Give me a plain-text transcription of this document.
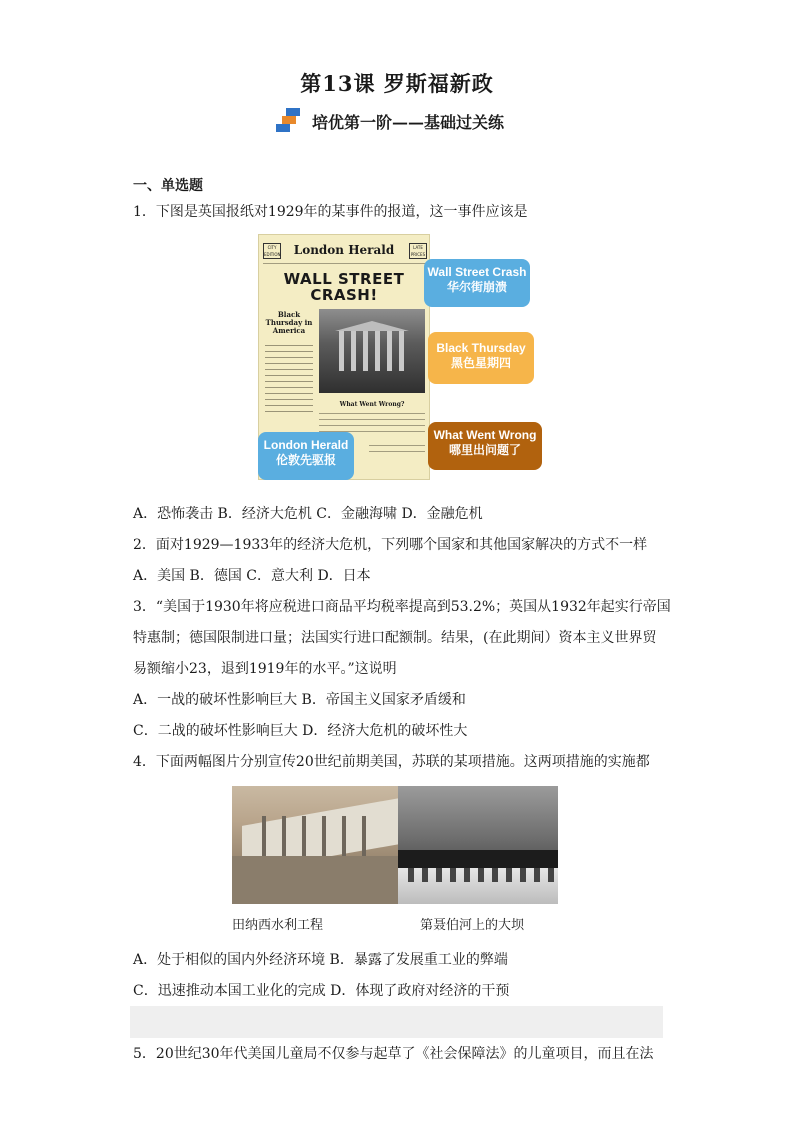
第13课 罗斯福新政
培优第一阶——基础过关练
一、单选题
1．下图是英国报纸对1929年的某事件的报道，这一事件应该是
CITY EDITION	London Herald	LATE PRICES
WALL STREET CRASH!
Black Thursday in America
What Went Wrong?
Wall Street Crash
华尔街崩溃
Black Thursday
黑色星期四
What Went Wrong
哪里出问题了
London Herald
伦敦先驱报
A．恐怖袭击 B．经济大危机 C．金融海啸 D．金融危机
2．面对1929—1933年的经济大危机，下列哪个国家和其他国家解决的方式不一样
A．美国 B．德国 C．意大利 D．日本
3．“美国于1930年将应税进口商品平均税率提高到53.2%；英国从1932年起实行帝国
特惠制；德国限制进口量；法国实行进口配额制。结果，(在此期间）资本主义世界贸
易额缩小23，退到1919年的水平。”这说明
A．一战的破坏性影响巨大 B．帝国主义国家矛盾缓和
C．二战的破坏性影响巨大 D．经济大危机的破坏性大
4．下面两幅图片分别宣传20世纪前期美国，苏联的某项措施。这两项措施的实施都
田纳西水利工程	第聂伯河上的大坝
A．处于相似的国内外经济环境 B．暴露了发展重工业的弊端
C．迅速推动本国工业化的完成 D．体现了政府对经济的干预
5．20世纪30年代美国儿童局不仅参与起草了《社会保障法》的儿童项目，而且在法
